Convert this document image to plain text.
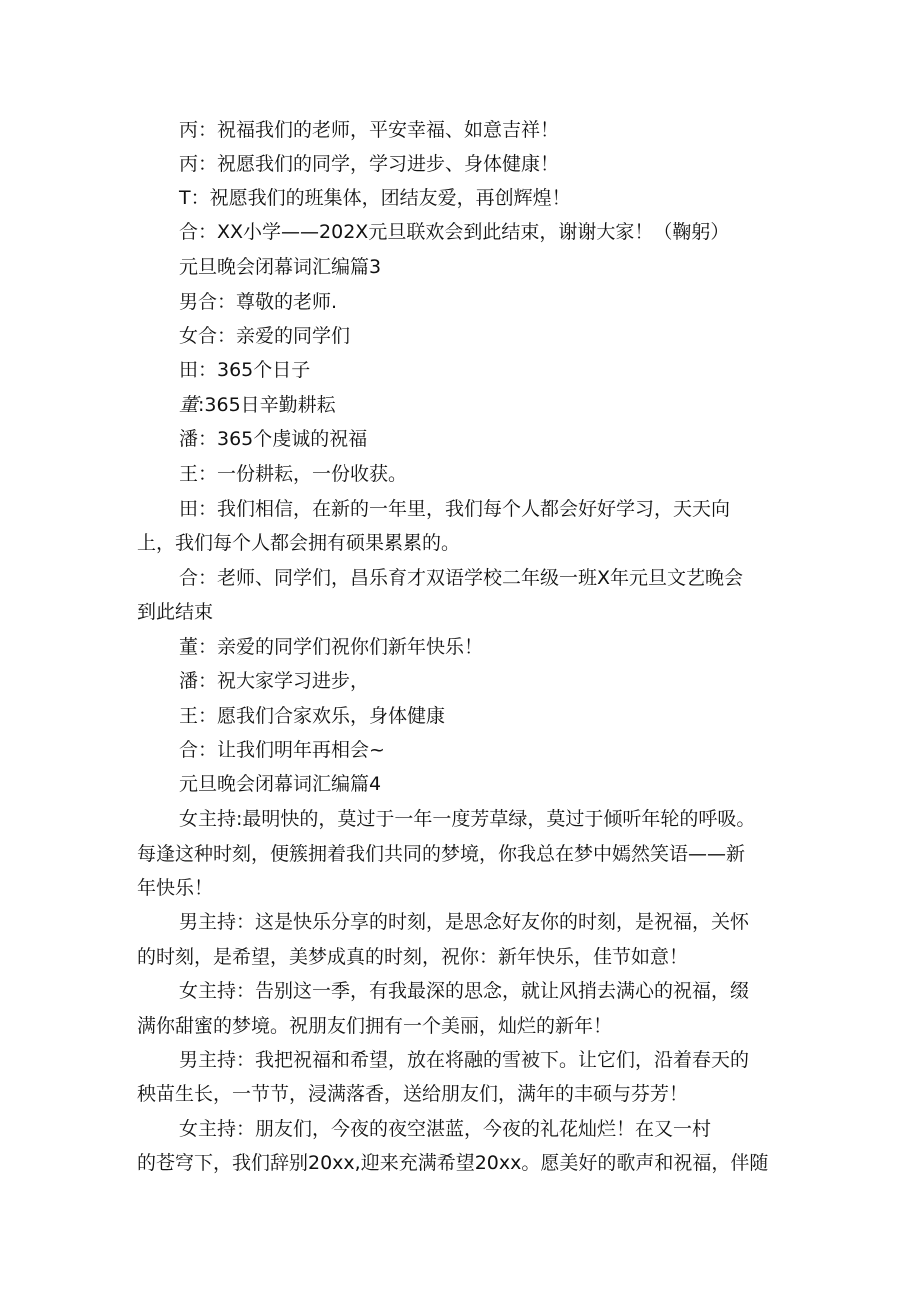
丙：祝福我们的老师，平安幸福、如意吉祥！
丙：祝愿我们的同学，学习进步、身体健康！
T：祝愿我们的班集体，团结友爱，再创辉煌！
合：XX小学——202X元旦联欢会到此结束，谢谢大家！（鞠躬）
元旦晚会闭幕词汇编篇3
男合：尊敬的老师.
女合：亲爱的同学们
田：365个日子
董:365日辛勤耕耘
潘：365个虔诚的祝福
王：一份耕耘，一份收获。
田：我们相信，在新的一年里，我们每个人都会好好学习，天天向
上，我们每个人都会拥有硕果累累的。
合：老师、同学们，昌乐育才双语学校二年级一班X年元旦文艺晚会
到此结束
董：亲爱的同学们祝你们新年快乐！
潘：祝大家学习进步，
王：愿我们合家欢乐，身体健康
合：让我们明年再相会~
元旦晚会闭幕词汇编篇4
女主持:最明快的，莫过于一年一度芳草绿，莫过于倾听年轮的呼吸。
每逢这种时刻，便簇拥着我们共同的梦境，你我总在梦中嫣然笑语——新
年快乐！
男主持：这是快乐分享的时刻，是思念好友你的时刻，是祝福，关怀
的时刻，是希望，美梦成真的时刻，祝你：新年快乐，佳节如意！
女主持：告别这一季，有我最深的思念，就让风捎去满心的祝福，缀
满你甜蜜的梦境。祝朋友们拥有一个美丽，灿烂的新年！
男主持：我把祝福和希望，放在将融的雪被下。让它们，沿着春天的
秧苗生长，一节节，浸满落香，送给朋友们，满年的丰硕与芬芳！
女主持：朋友们，今夜的夜空湛蓝，今夜的礼花灿烂！在又一村
的苍穹下，我们辞别20xx,迎来充满希望20xx。愿美好的歌声和祝福，伴随
